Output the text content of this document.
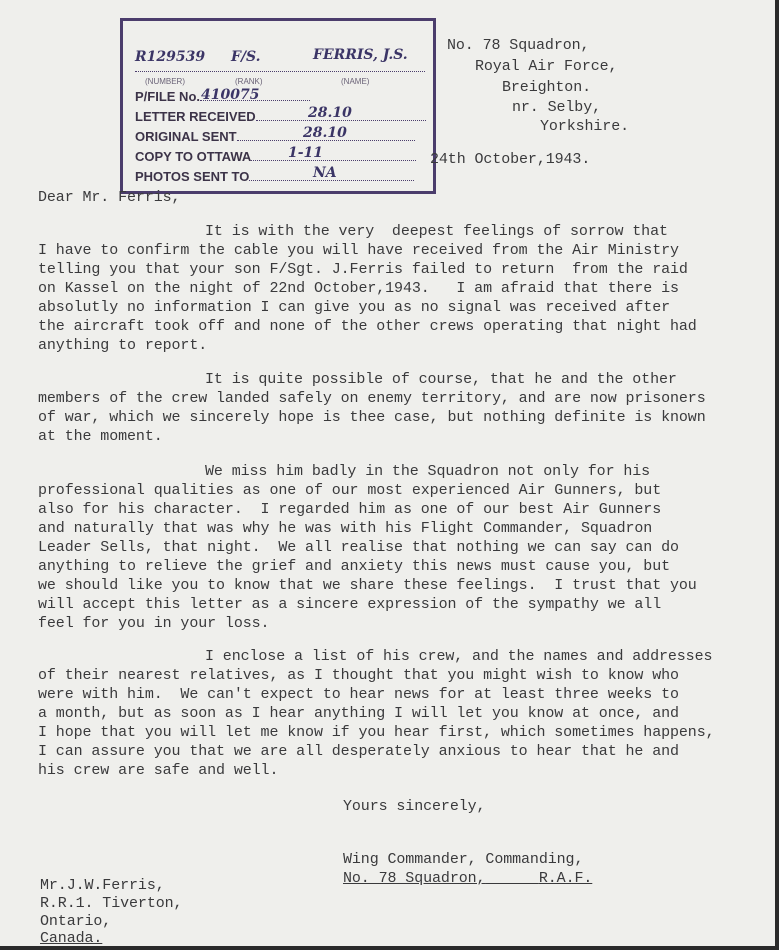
R129539 F/S.	FERRIS, J.S.
(NUMBER)	(RANK)	(NAME)
P/FILE No. 410075
LETTER RECEIVED	28.10
ORIGINAL SENT	28.10
COPY TO OTTAWA	1-11
PHOTOS SENT TO	NA
No. 78 Squadron,
Royal Air Force,
Breighton.
nr. Selby,
Yorkshire.
24th October,1943.
Dear Mr. Ferris,
It is with the very  deepest feelings of sorrow that
I have to confirm the cable you will have received from the Air Ministry
telling you that your son F/Sgt. J.Ferris failed to return  from the raid
on Kassel on the night of 22nd October,1943.   I am afraid that there is
absolutly no information I can give you as no signal was received after
the aircraft took off and none of the other crews operating that night had
anything to report.
It is quite possible of course, that he and the other
members of the crew landed safely on enemy territory, and are now prisoners
of war, which we sincerely hope is thee case, but nothing definite is known
at the moment.
We miss him badly in the Squadron not only for his
professional qualities as one of our most experienced Air Gunners, but
also for his character.  I regarded him as one of our best Air Gunners
and naturally that was why he was with his Flight Commander, Squadron
Leader Sells, that night.  We all realise that nothing we can say can do
anything to relieve the grief and anxiety this news must cause you, but
we should like you to know that we share these feelings.  I trust that you
will accept this letter as a sincere expression of the sympathy we all
feel for you in your loss.
I enclose a list of his crew, and the names and addresses
of their nearest relatives, as I thought that you might wish to know who
were with him.  We can't expect to hear news for at least three weeks to
a month, but as soon as I hear anything I will let you know at once, and
I hope that you will let me know if you hear first, which sometimes happens,
I can assure you that we are all desperately anxious to hear that he and
his crew are safe and well.
Yours sincerely,
Wing Commander, Commanding,
No. 78 Squadron,	R.A.F.
Mr.J.W.Ferris,
R.R.1. Tiverton,
Ontario,
Canada.
